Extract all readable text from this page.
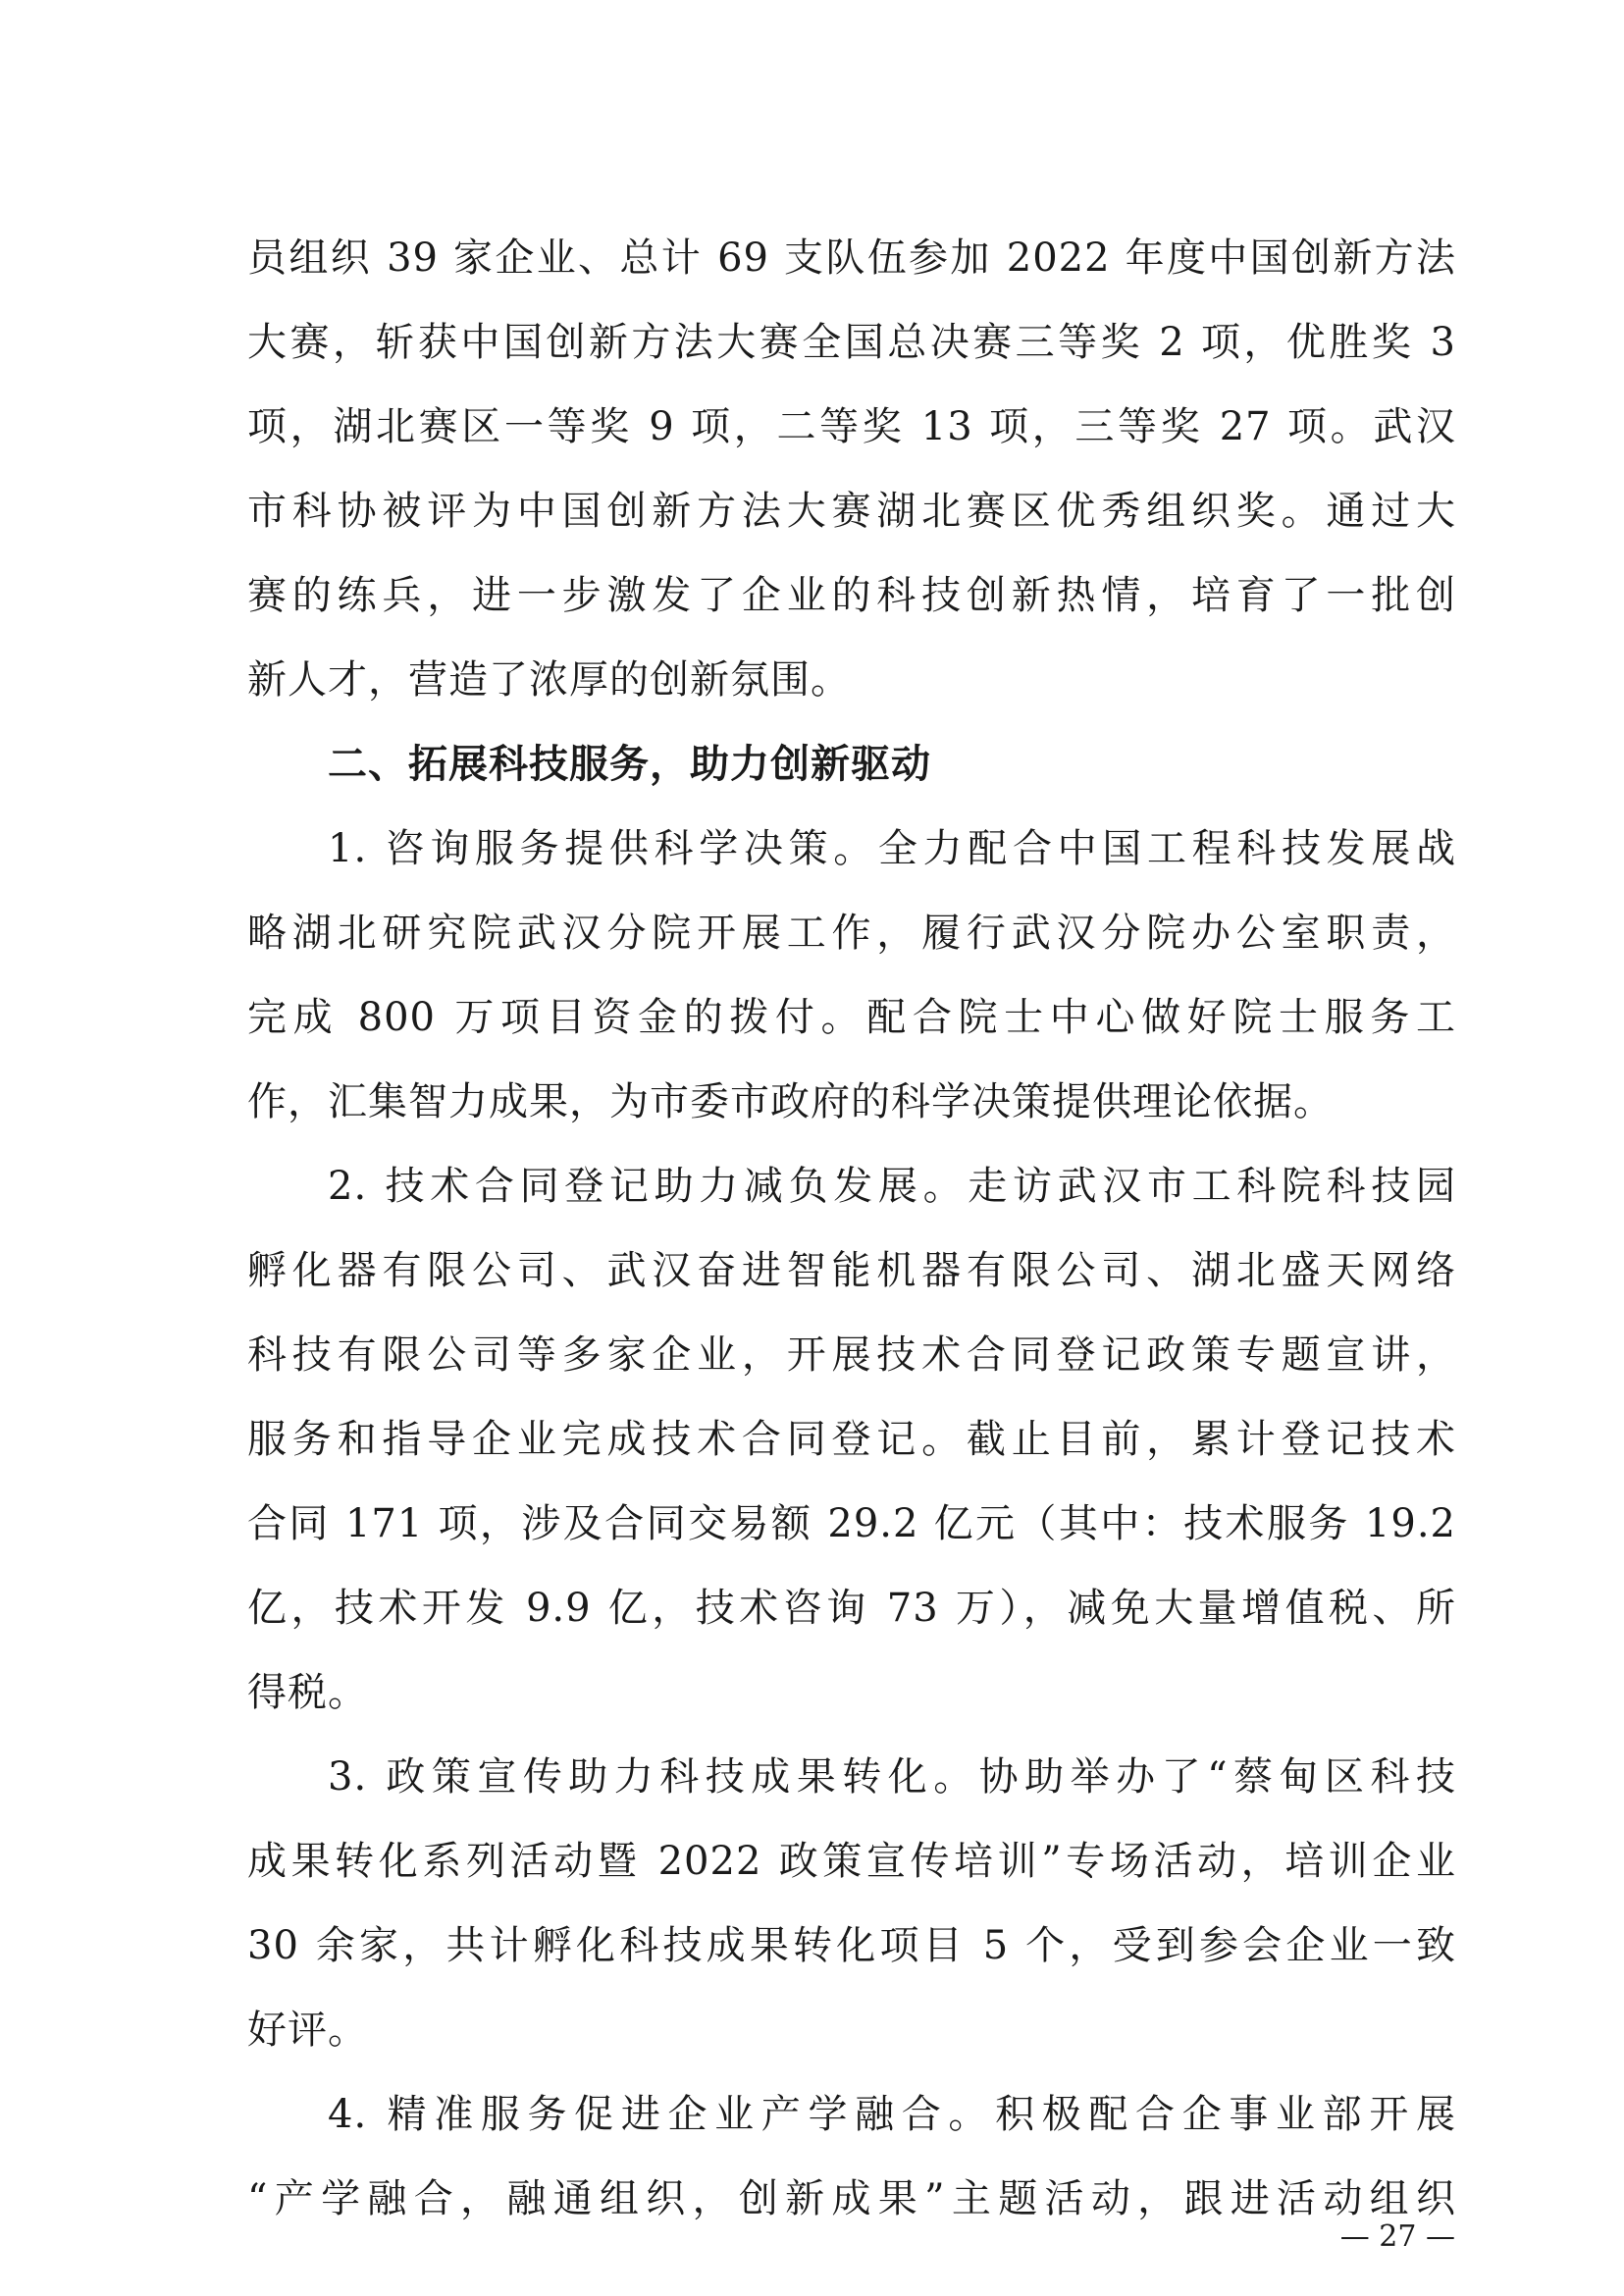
员组织 39 家企业、总计 69 支队伍参加 2022 年度中国创新方法
大赛，斩获中国创新方法大赛全国总决赛三等奖 2 项，优胜奖 3
项，湖北赛区一等奖 9 项，二等奖 13 项，三等奖 27 项。武汉
市科协被评为中国创新方法大赛湖北赛区优秀组织奖。通过大
赛的练兵，进一步激发了企业的科技创新热情，培育了一批创
新人才，营造了浓厚的创新氛围。
二、拓展科技服务，助力创新驱动
1. 咨询服务提供科学决策。全力配合中国工程科技发展战
略湖北研究院武汉分院开展工作，履行武汉分院办公室职责，
完成 800 万项目资金的拨付。配合院士中心做好院士服务工
作，汇集智力成果，为市委市政府的科学决策提供理论依据。
2. 技术合同登记助力减负发展。走访武汉市工科院科技园
孵化器有限公司、武汉奋进智能机器有限公司、湖北盛天网络
科技有限公司等多家企业，开展技术合同登记政策专题宣讲，
服务和指导企业完成技术合同登记。截止目前，累计登记技术
合同 171 项，涉及合同交易额 29.2 亿元（其中：技术服务 19.2
亿，技术开发 9.9 亿，技术咨询 73 万），减免大量增值税、所
得税。
3. 政策宣传助力科技成果转化。协助举办了“蔡甸区科技
成果转化系列活动暨 2022 政策宣传培训”专场活动，培训企业
30 余家，共计孵化科技成果转化项目 5 个，受到参会企业一致
好评。
4. 精准服务促进企业产学融合。积极配合企事业部开展
“产学融合，融通组织，创新成果”主题活动，跟进活动组织
— 27 —
